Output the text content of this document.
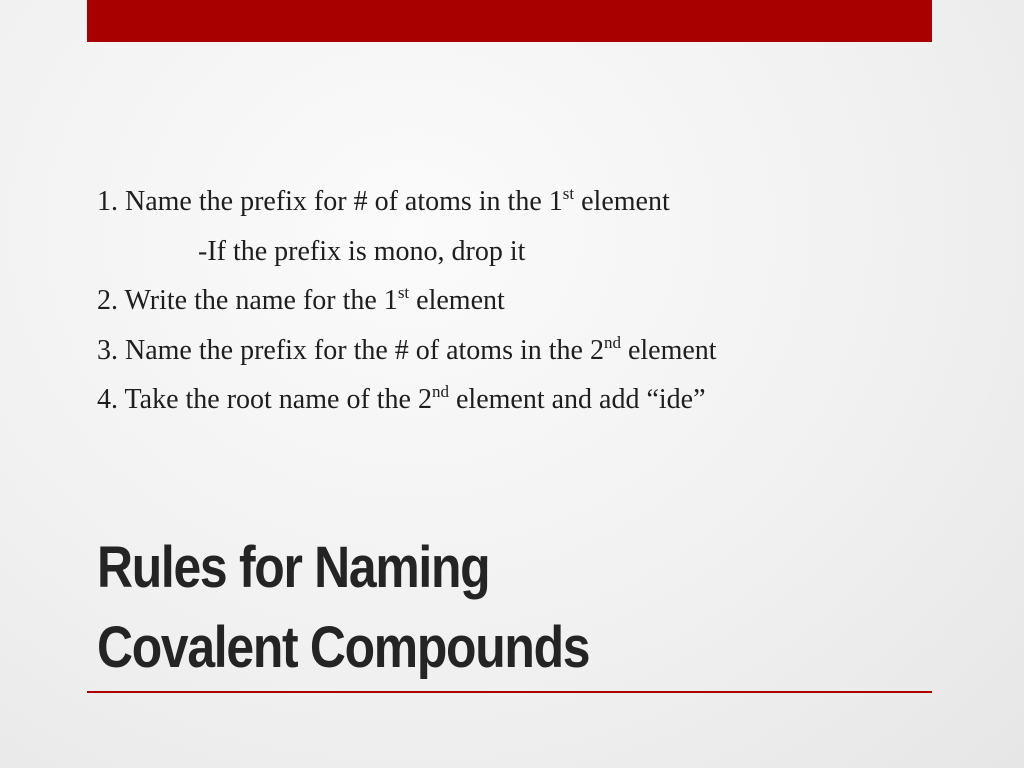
1. Name the prefix for # of atoms in the 1st element
-If the prefix is mono, drop it
2. Write the name for the 1st element
3. Name the prefix for the # of atoms in the 2nd element
4. Take the root name of the 2nd element and add “ide”
Rules for Naming
Covalent Compounds
